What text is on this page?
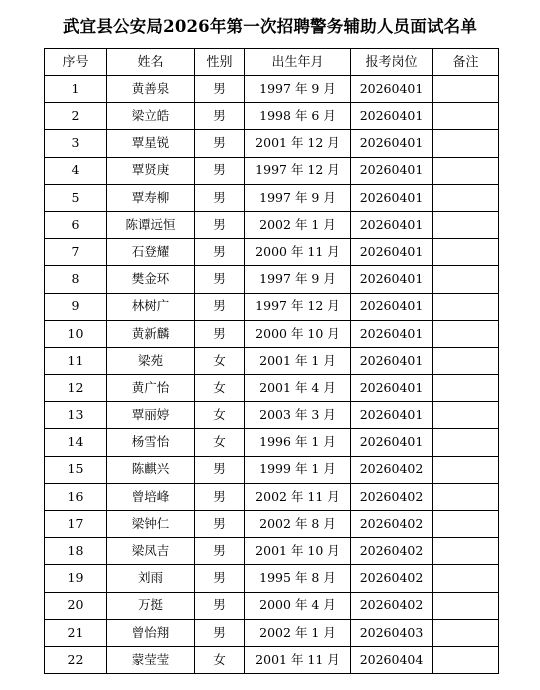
武宜县公安局2026年第一次招聘警务辅助人员面试名单
序号	姓名	性别	出生年月	报考岗位	备注
1	黄善泉	男	1997 年 9 月	20260401	
2	梁立皓	男	1998 年 6 月	20260401	
3	覃星锐	男	2001 年 12 月	20260401	
4	覃贤庚	男	1997 年 12 月	20260401	
5	覃寿柳	男	1997 年 9 月	20260401	
6	陈谭远恒	男	2002 年 1 月	20260401	
7	石登耀	男	2000 年 11 月	20260401	
8	樊金环	男	1997 年 9 月	20260401	
9	林树广	男	1997 年 12 月	20260401	
10	黄新麟	男	2000 年 10 月	20260401	
11	梁苑	女	2001 年 1 月	20260401	
12	黄广怡	女	2001 年 4 月	20260401	
13	覃丽婷	女	2003 年 3 月	20260401	
14	杨雪怡	女	1996 年 1 月	20260401	
15	陈麒兴	男	1999 年 1 月	20260402	
16	曾培峰	男	2002 年 11 月	20260402	
17	梁钟仁	男	2002 年 8 月	20260402	
18	梁凤吉	男	2001 年 10 月	20260402	
19	刘雨	男	1995 年 8 月	20260402	
20	万挺	男	2000 年 4 月	20260402	
21	曾怡翔	男	2002 年 1 月	20260403	
22	蒙莹莹	女	2001 年 11 月	20260404	
